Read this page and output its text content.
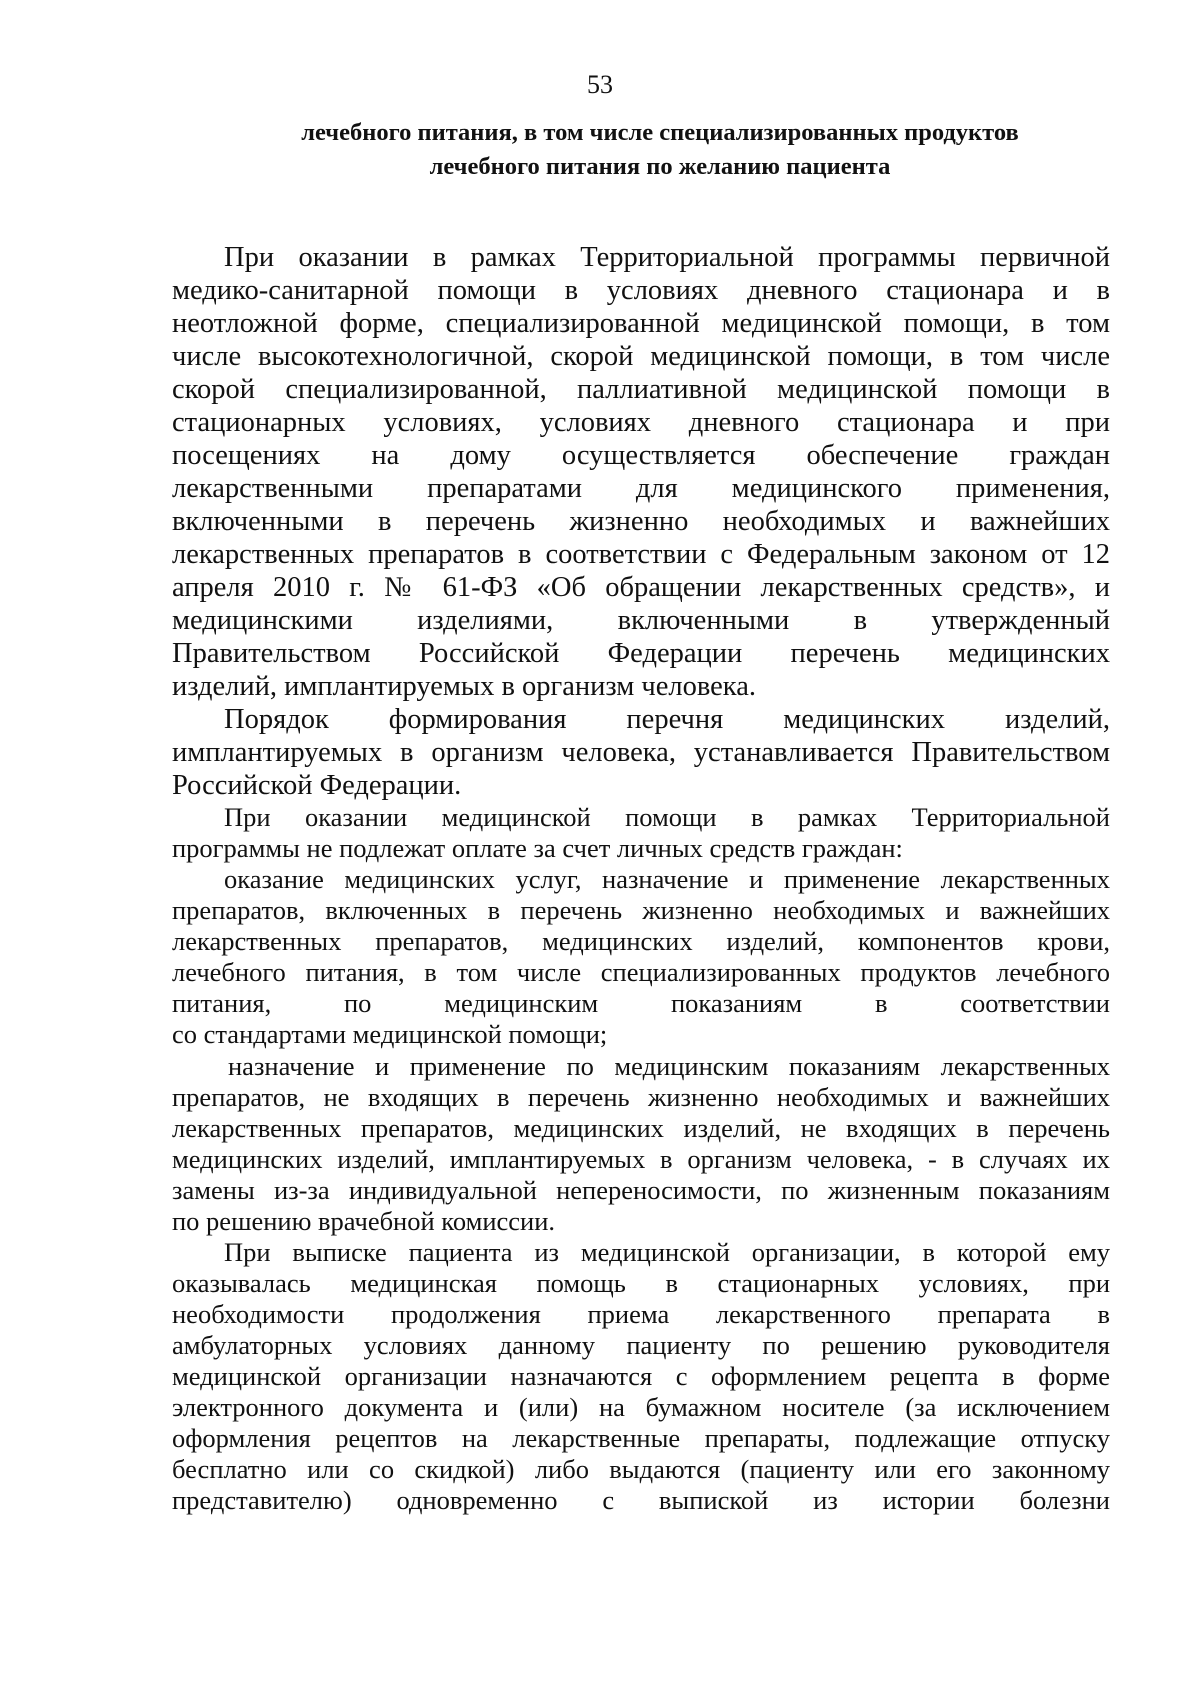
53
лечебного питания, в том числе специализированных продуктов
лечебного питания по желанию пациента
При оказании в рамках Территориальной программы первичной
медико-санитарной помощи в условиях дневного стационара и в
неотложной форме, специализированной медицинской помощи, в том
числе высокотехнологичной, скорой медицинской помощи, в том числе
скорой специализированной, паллиативной медицинской помощи в
стационарных условиях, условиях дневного стационара и при
посещениях на дому осуществляется обеспечение граждан
лекарственными препаратами для медицинского применения,
включенными в перечень жизненно необходимых и важнейших
лекарственных препаратов в соответствии с Федеральным законом от 12
апреля 2010 г. № 61-ФЗ «Об обращении лекарственных средств», и
медицинскими изделиями, включенными в утвержденный
Правительством Российской Федерации перечень медицинских
изделий, имплантируемых в организм человека.
Порядок формирования перечня медицинских изделий,
имплантируемых в организм человека, устанавливается Правительством
Российской Федерации.
При оказании медицинской помощи в рамках Территориальной
программы не подлежат оплате за счет личных средств граждан:
оказание медицинских услуг, назначение и применение лекарственных
препаратов, включенных в перечень жизненно необходимых и важнейших
лекарственных препаратов, медицинских изделий, компонентов крови,
лечебного питания, в том числе специализированных продуктов лечебного
питания, по медицинским показаниям в соответствии
со стандартами медицинской помощи;
назначение и применение по медицинским показаниям лекарственных
препаратов, не входящих в перечень жизненно необходимых и важнейших
лекарственных препаратов, медицинских изделий, не входящих в перечень
медицинских изделий, имплантируемых в организм человека, - в случаях их
замены из-за индивидуальной непереносимости, по жизненным показаниям
по решению врачебной комиссии.
При выписке пациента из медицинской организации, в которой ему
оказывалась медицинская помощь в стационарных условиях, при
необходимости продолжения приема лекарственного препарата в
амбулаторных условиях данному пациенту по решению руководителя
медицинской организации назначаются с оформлением рецепта в форме
электронного документа и (или) на бумажном носителе (за исключением
оформления рецептов на лекарственные препараты, подлежащие отпуску
бесплатно или со скидкой) либо выдаются (пациенту или его законному
представителю) одновременно с выпиской из истории болезни
